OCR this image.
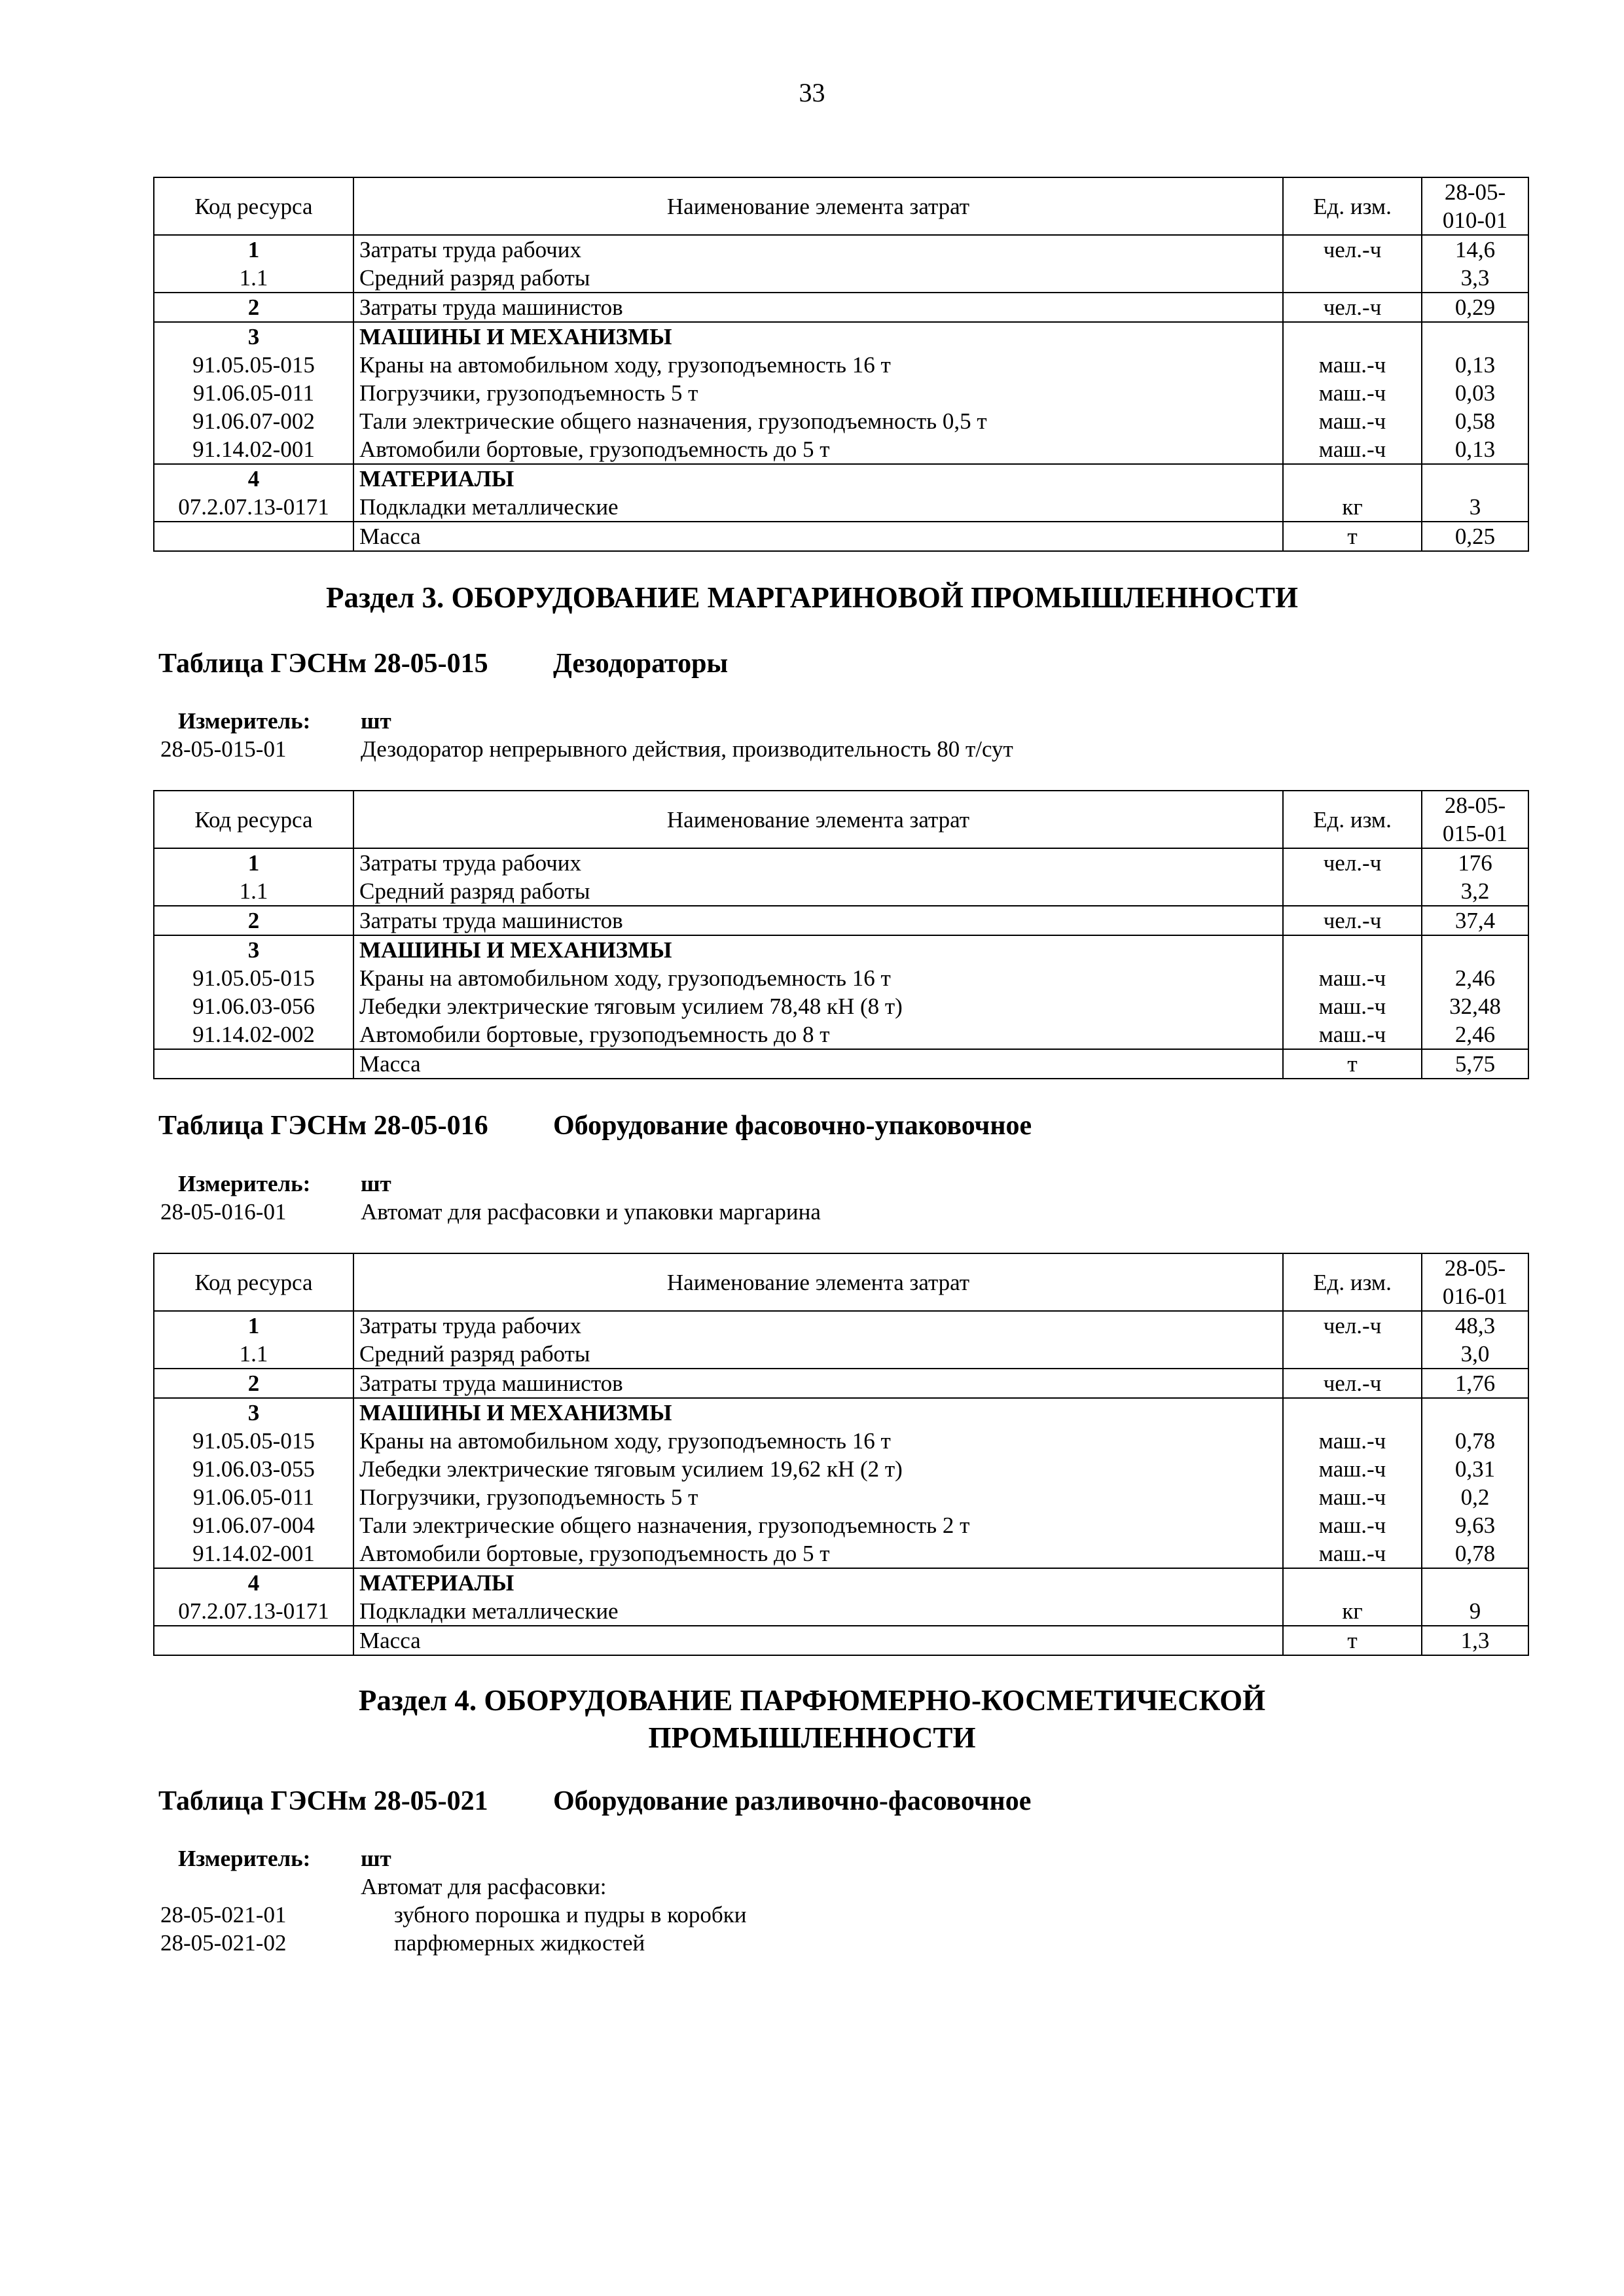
33
Код ресурса	Наименование элемента затрат	Ед. изм.	28-05-
010-01
1	Затраты труда рабочих	чел.-ч	14,6
1.1	Средний разряд работы		3,3
2	Затраты труда машинистов	чел.-ч	0,29
3	МАШИНЫ И МЕХАНИЗМЫ		
91.05.05-015	Краны на автомобильном ходу, грузоподъемность 16 т	маш.-ч	0,13
91.06.05-011	Погрузчики, грузоподъемность 5 т	маш.-ч	0,03
91.06.07-002	Тали электрические общего назначения, грузоподъемность 0,5 т	маш.-ч	0,58
91.14.02-001	Автомобили бортовые, грузоподъемность до 5 т	маш.-ч	0,13
4	МАТЕРИАЛЫ		
07.2.07.13-0171	Подкладки металлические	кг	3
	Масса	т	0,25
Раздел 3. ОБОРУДОВАНИЕ МАРГАРИНОВОЙ ПРОМЫШЛЕННОСТИ
Таблица ГЭСНм 28-05-015 Дезодораторы
Измеритель: шт
28-05-015-01	Дезодоратор непрерывного действия, производительность 80 т/сут
Код ресурса	Наименование элемента затрат	Ед. изм.	28-05-
015-01
1	Затраты труда рабочих	чел.-ч	176
1.1	Средний разряд работы		3,2
2	Затраты труда машинистов	чел.-ч	37,4
3	МАШИНЫ И МЕХАНИЗМЫ		
91.05.05-015	Краны на автомобильном ходу, грузоподъемность 16 т	маш.-ч	2,46
91.06.03-056	Лебедки электрические тяговым усилием 78,48 кН (8 т)	маш.-ч	32,48
91.14.02-002	Автомобили бортовые, грузоподъемность до 8 т	маш.-ч	2,46
	Масса	т	5,75
Таблица ГЭСНм 28-05-016 Оборудование фасовочно-упаковочное
Измеритель: шт
28-05-016-01	Автомат для расфасовки и упаковки маргарина
Код ресурса	Наименование элемента затрат	Ед. изм.	28-05-
016-01
1	Затраты труда рабочих	чел.-ч	48,3
1.1	Средний разряд работы		3,0
2	Затраты труда машинистов	чел.-ч	1,76
3	МАШИНЫ И МЕХАНИЗМЫ		
91.05.05-015	Краны на автомобильном ходу, грузоподъемность 16 т	маш.-ч	0,78
91.06.03-055	Лебедки электрические тяговым усилием 19,62 кН (2 т)	маш.-ч	0,31
91.06.05-011	Погрузчики, грузоподъемность 5 т	маш.-ч	0,2
91.06.07-004	Тали электрические общего назначения, грузоподъемность 2 т	маш.-ч	9,63
91.14.02-001	Автомобили бортовые, грузоподъемность до 5 т	маш.-ч	0,78
4	МАТЕРИАЛЫ		
07.2.07.13-0171	Подкладки металлические	кг	9
	Масса	т	1,3
Раздел 4. ОБОРУДОВАНИЕ ПАРФЮМЕРНО-КОСМЕТИЧЕСКОЙ
ПРОМЫШЛЕННОСТИ
Таблица ГЭСНм 28-05-021 Оборудование разливочно-фасовочное
Измеритель: шт
Автомат для расфасовки:
28-05-021-01	зубного порошка и пудры в коробки
28-05-021-02	парфюмерных жидкостей
